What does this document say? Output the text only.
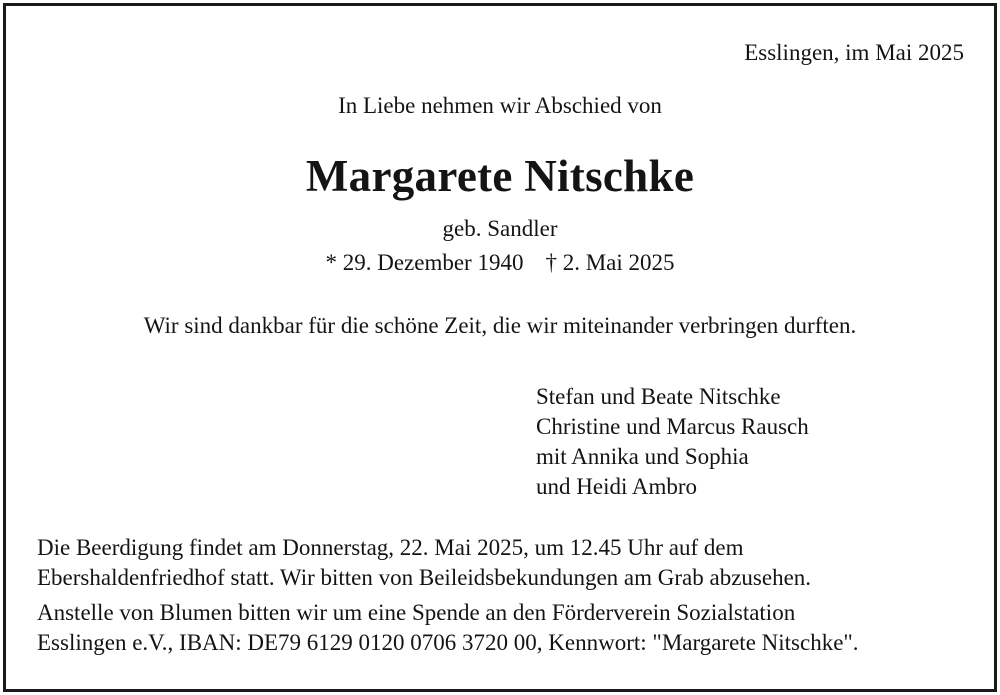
Esslingen, im Mai 2025
In Liebe nehmen wir Abschied von
Margarete Nitschke
geb. Sandler
* 29. Dezember 1940 † 2. Mai 2025
Wir sind dankbar für die schöne Zeit, die wir miteinander verbringen durften.
Stefan und Beate Nitschke
Christine und Marcus Rausch
mit Annika und Sophia
und Heidi Ambro
Die Beerdigung findet am Donnerstag, 22. Mai 2025, um 12.45 Uhr auf dem
Ebershaldenfriedhof statt. Wir bitten von Beileidsbekundungen am Grab abzusehen.
Anstelle von Blumen bitten wir um eine Spende an den Förderverein Sozialstation
Esslingen e.V., IBAN: DE79 6129 0120 0706 3720 00, Kennwort: "Margarete Nitschke".
